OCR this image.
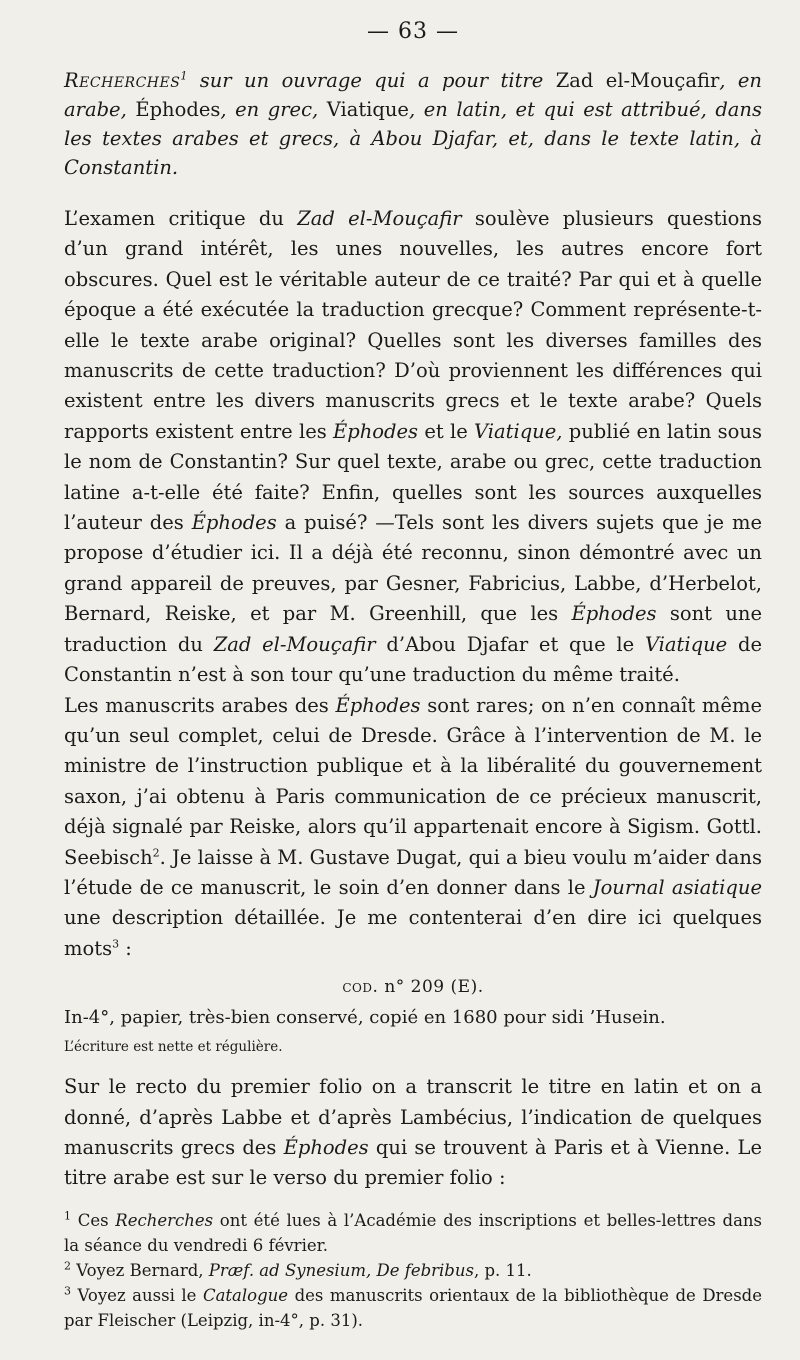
— 63 —

Recherches$^1$ sur un ouvrage qui a pour titre Zad el-Mouçafir, en arabe, Éphodes, en grec, Viatique, en latin, et qui est attribué, dans les textes arabes et grecs, à Abou Djafar, et, dans le texte latin, à Constantin.

L’examen critique du Zad el-Mouçafir soulève plusieurs questions d’un grand intérêt, les unes nouvelles, les autres encore fort obscures. Quel est le véritable auteur de ce traité? Par qui et à quelle époque a été exécutée la traduction grecque? Comment représente-t-elle le texte arabe original? Quelles sont les diverses familles des manuscrits de cette traduction? D’où proviennent les différences qui existent entre les divers manuscrits grecs et le texte arabe? Quels rapports existent entre les Éphodes et le Viatique, publié en latin sous le nom de Constantin? Sur quel texte, arabe ou grec, cette traduction latine a-t-elle été faite? Enfin, quelles sont les sources auxquelles l’auteur des Éphodes a puisé? —Tels sont les divers sujets que je me propose d’étudier ici. Il a déjà été reconnu, sinon démontré avec un grand appareil de preuves, par Gesner, Fabricius, Labbe, d’Herbelot, Bernard, Reiske, et par M. Greenhill, que les Éphodes sont une traduction du Zad el-Mouçafir d’Abou Djafar et que le Viatique de Constantin n’est à son tour qu’une traduction du même traité.

Les manuscrits arabes des Éphodes sont rares; on n’en connaît même qu’un seul complet, celui de Dresde. Grâce à l’intervention de M. le ministre de l’instruction publique et à la libéralité du gouvernement saxon, j’ai obtenu à Paris communication de ce précieux manuscrit, déjà signalé par Reiske, alors qu’il appartenait encore à Sigism. Gottl. Seebisch$^2$. Je laisse à M. Gustave Dugat, qui a bieu voulu m’aider dans l’étude de ce manuscrit, le soin d’en donner dans le Journal asiatique une description détaillée. Je me contenterai d’en dire ici quelques mots$^3$ :

cod. n° 209 (E).

In-4°, papier, très-bien conservé, copié en 1680 pour sidi ’Husein.

L’écriture est nette et régulière.

Sur le recto du premier folio on a transcrit le titre en latin et on a donné, d’après Labbe et d’après Lambécius, l’indication de quelques manuscrits grecs des Éphodes qui se trouvent à Paris et à Vienne. Le titre arabe est sur le verso du premier folio :

$^1$ Ces Recherches ont été lues à l’Académie des inscriptions et belles-lettres dans la séance du vendredi 6 février.

$^2$ Voyez Bernard, Præf. ad Synesium, De febribus, p. 11.

$^3$ Voyez aussi le Catalogue des manuscrits orientaux de la bibliothèque de Dresde par Fleischer (Leipzig, in-4°, p. 31).
